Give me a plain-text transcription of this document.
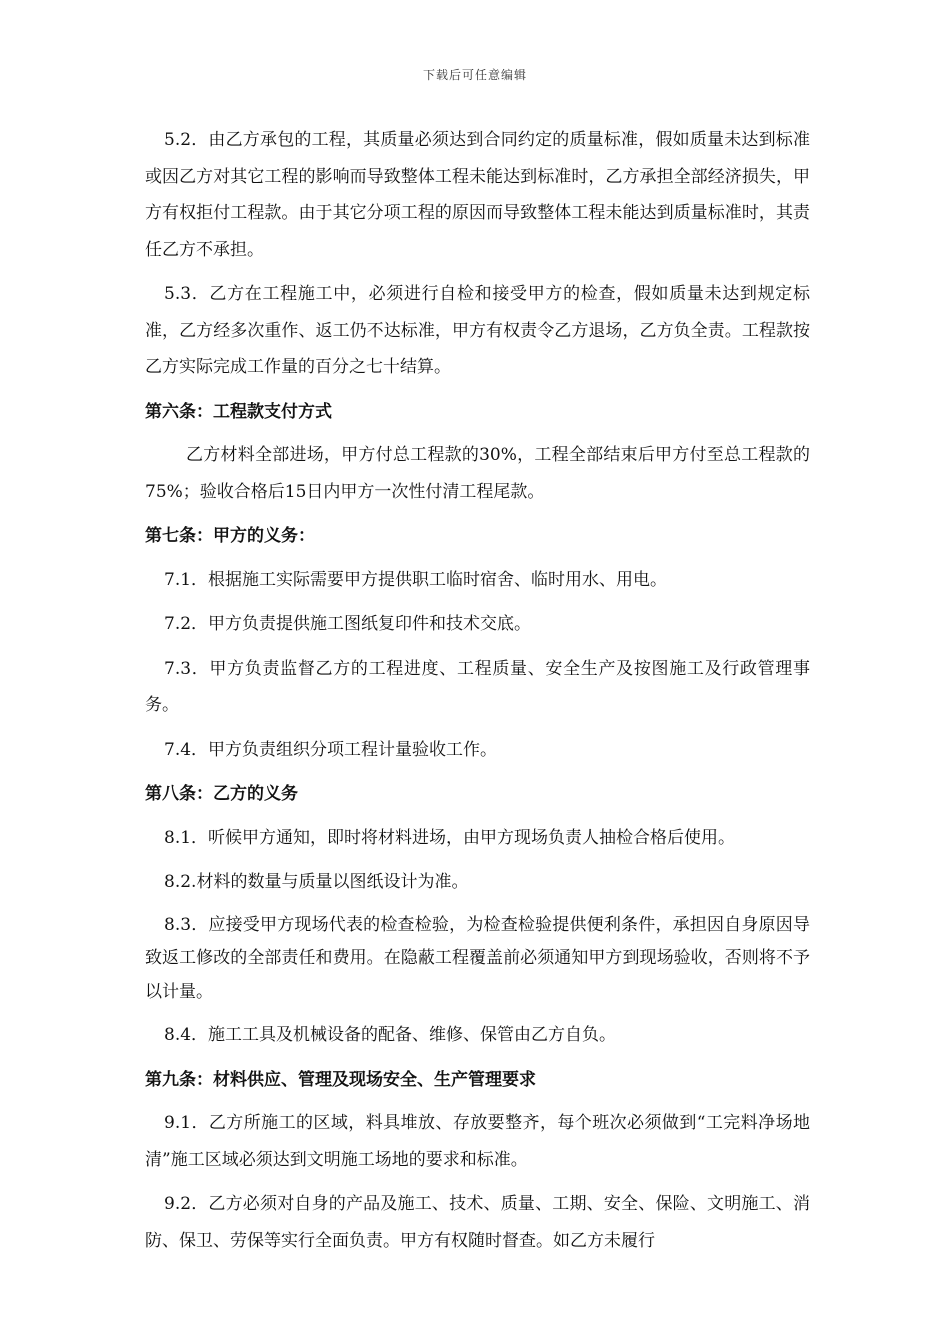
下载后可任意编辑

5.2．由乙方承包的工程，其质量必须达到合同约定的质量标准，假如质量未达到标准或因乙方对其它工程的影响而导致整体工程未能达到标准时，乙方承担全部经济损失，甲方有权拒付工程款。由于其它分项工程的原因而导致整体工程未能达到质量标准时，其责任乙方不承担。

5.3．乙方在工程施工中，必须进行自检和接受甲方的检查，假如质量未达到规定标准，乙方经多次重作、返工仍不达标准，甲方有权责令乙方退场，乙方负全责。工程款按乙方实际完成工作量的百分之七十结算。

第六条：工程款支付方式

乙方材料全部进场，甲方付总工程款的30%，工程全部结束后甲方付至总工程款的75%；验收合格后15日内甲方一次性付清工程尾款。

第七条：甲方的义务：

7.1．根据施工实际需要甲方提供职工临时宿舍、临时用水、用电。

7.2．甲方负责提供施工图纸复印件和技术交底。

7.3．甲方负责监督乙方的工程进度、工程质量、安全生产及按图施工及行政管理事务。

7.4．甲方负责组织分项工程计量验收工作。

第八条：乙方的义务

8.1．听候甲方通知，即时将材料进场，由甲方现场负责人抽检合格后使用。

8.2.材料的数量与质量以图纸设计为准。

8.3．应接受甲方现场代表的检查检验，为检查检验提供便利条件，承担因自身原因导致返工修改的全部责任和费用。在隐蔽工程覆盖前必须通知甲方到现场验收，否则将不予以计量。

8.4．施工工具及机械设备的配备、维修、保管由乙方自负。

第九条：材料供应、管理及现场安全、生产管理要求

9.1．乙方所施工的区域，料具堆放、存放要整齐，每个班次必须做到“工完料净场地清”施工区域必须达到文明施工场地的要求和标准。

9.2．乙方必须对自身的产品及施工、技术、质量、工期、安全、保险、文明施工、消防、保卫、劳保等实行全面负责。甲方有权随时督查。如乙方未履行
